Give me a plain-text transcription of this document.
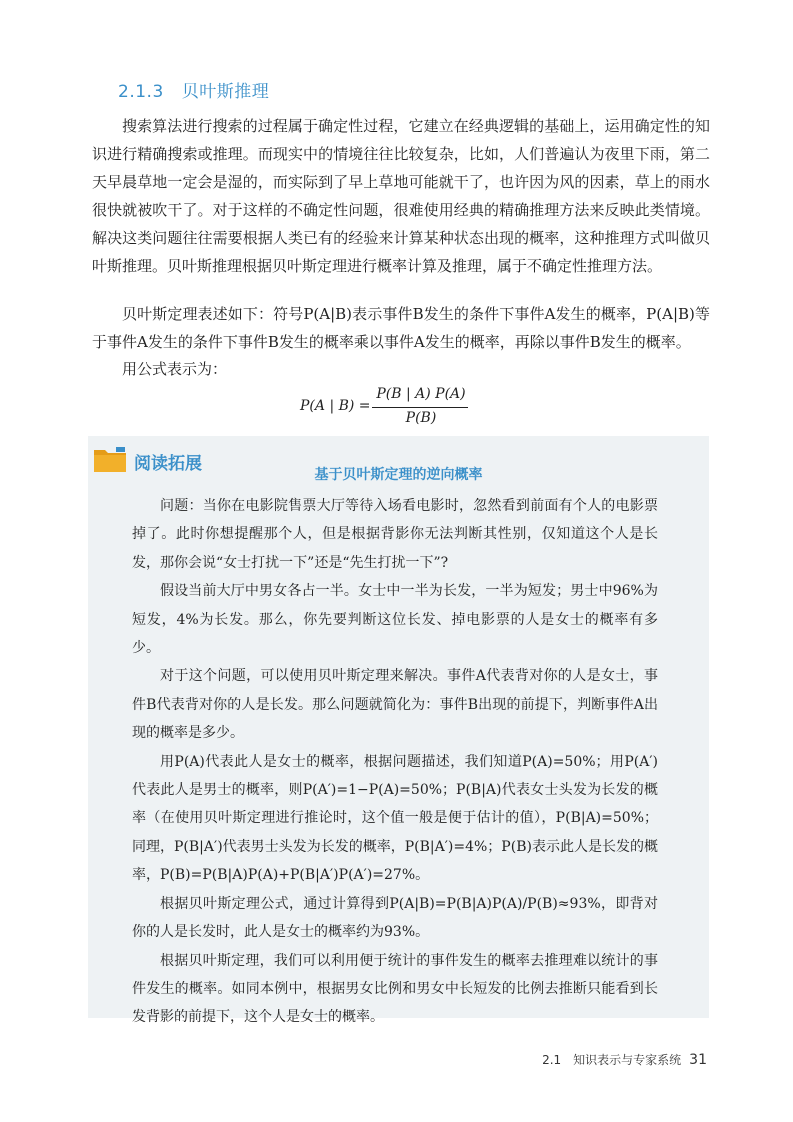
2.1.3 贝叶斯推理

搜索算法进行搜索的过程属于确定性过程，它建立在经典逻辑的基础上，运用确定性的知识进行精确搜索或推理。而现实中的情境往往比较复杂，比如，人们普遍认为夜里下雨，第二天早晨草地一定会是湿的，而实际到了早上草地可能就干了，也许因为风的因素，草上的雨水很快就被吹干了。对于这样的不确定性问题，很难使用经典的精确推理方法来反映此类情境。解决这类问题往往需要根据人类已有的经验来计算某种状态出现的概率，这种推理方式叫做贝叶斯推理。贝叶斯推理根据贝叶斯定理进行概率计算及推理，属于不确定性推理方法。

贝叶斯定理表述如下：符号P(A|B)表示事件B发生的条件下事件A发生的概率，P(A|B)等于事件A发生的条件下事件B发生的概率乘以事件A发生的概率，再除以事件B发生的概率。

用公式表示为：

P(A | B) =
P(B | A) P(A)
P(B)
阅读拓展
基于贝叶斯定理的逆向概率

问题：当你在电影院售票大厅等待入场看电影时，忽然看到前面有个人的电影票掉了。此时你想提醒那个人，但是根据背影你无法判断其性别，仅知道这个人是长发，那你会说“女士打扰一下”还是“先生打扰一下”?

假设当前大厅中男女各占一半。女士中一半为长发，一半为短发；男士中96%为短发，4%为长发。那么，你先要判断这位长发、掉电影票的人是女士的概率有多少。

对于这个问题，可以使用贝叶斯定理来解决。事件A代表背对你的人是女士，事件B代表背对你的人是长发。那么问题就简化为：事件B出现的前提下，判断事件A出现的概率是多少。

用P(A)代表此人是女士的概率，根据问题描述，我们知道P(A)=50%；用P(A′)代表此人是男士的概率，则P(A′)=1−P(A)=50%；P(B|A)代表女士头发为长发的概率（在使用贝叶斯定理进行推论时，这个值一般是便于估计的值），P(B|A)=50%；同理，P(B|A′)代表男士头发为长发的概率，P(B|A′)=4%；P(B)表示此人是长发的概率，P(B)=P(B|A)P(A)+P(B|A′)P(A′)=27%。

根据贝叶斯定理公式，通过计算得到P(A|B)=P(B|A)P(A)/P(B)≈93%，即背对你的人是长发时，此人是女士的概率约为93%。

根据贝叶斯定理，我们可以利用便于统计的事件发生的概率去推理难以统计的事件发生的概率。如同本例中，根据男女比例和男女中长短发的比例去推断只能看到长发背影的前提下，这个人是女士的概率。

2.1　知识表示与专家系统 31
